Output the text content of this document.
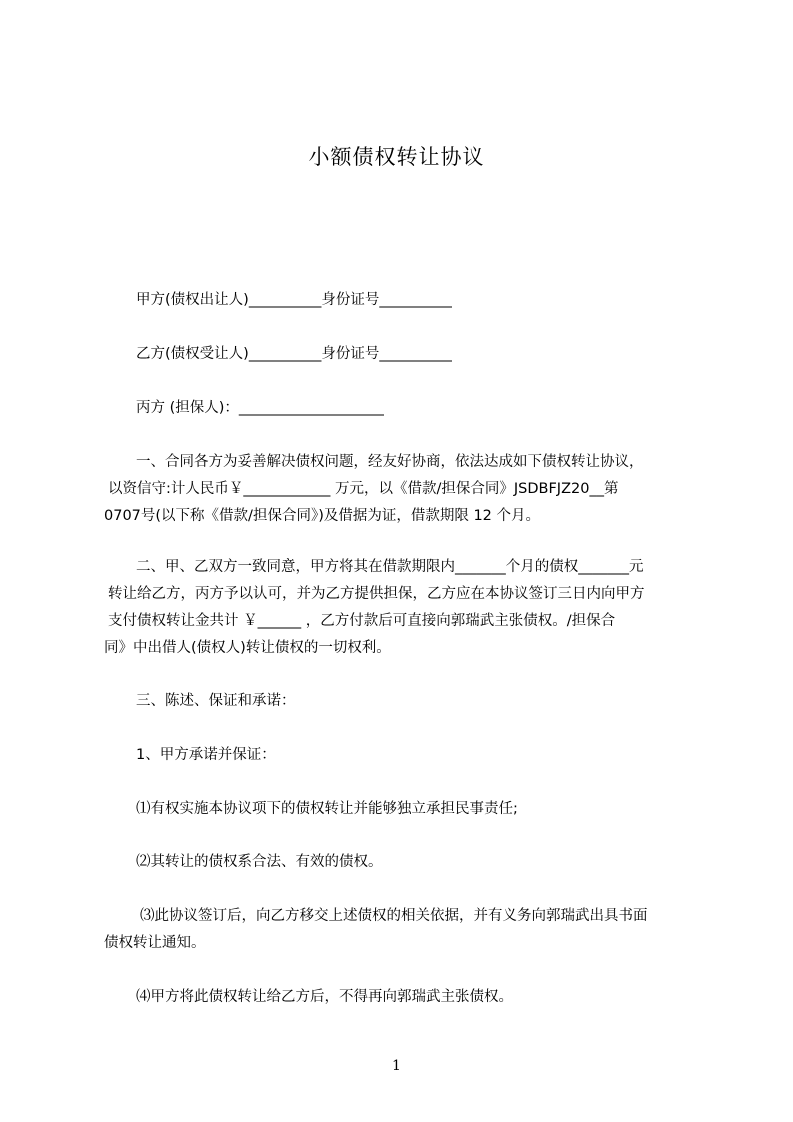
小额债权转让协议
甲方(债权出让人)__________身份证号__________
乙方(债权受让人)__________身份证号__________
丙方 (担保人)：____________________
一、合同各方为妥善解决债权问题，经友好协商，依法达成如下债权转让协议，
以资信守:计人民币￥____________ 万元，以《借款/担保合同》JSDBFJZ20__第
0707号(以下称《借款/担保合同》)及借据为证，借款期限 12 个月。
二、甲、乙双方一致同意，甲方将其在借款期限内_______个月的债权_______元
转让给乙方，丙方予以认可，并为乙方提供担保，乙方应在本协议签订三日内向甲方
支付债权转让金共计 ￥______ ，乙方付款后可直接向郭瑞武主张债权。/担保合
同》中出借人(债权人)转让债权的一切权利。
三、陈述、保证和承诺：
1、甲方承诺并保证：
⑴有权实施本协议项下的债权转让并能够独立承担民事责任;
⑵其转让的债权系合法、有效的债权。
⑶此协议签订后，向乙方移交上述债权的相关依据，并有义务向郭瑞武出具书面
债权转让通知。
⑷甲方将此债权转让给乙方后，不得再向郭瑞武主张债权。
1
